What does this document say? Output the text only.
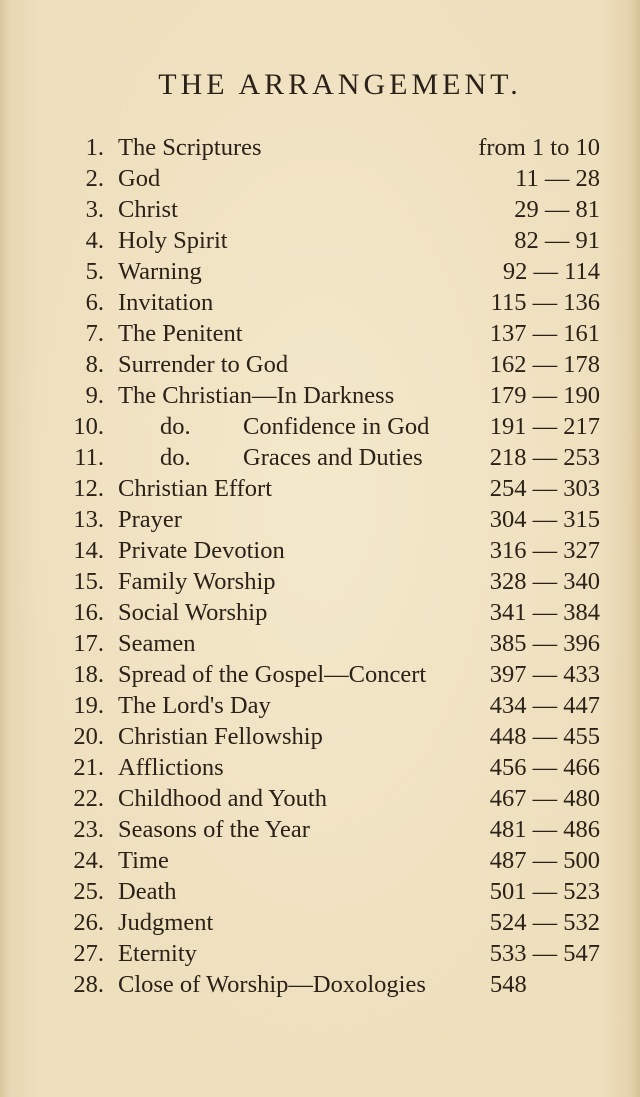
THE ARRANGEMENT.
1. The Scriptures	from 1 to 10
2. God	11 — 28
3. Christ	29 — 81
4. Holy Spirit	82 — 91
5. Warning	92 — 114
6. Invitation	115 — 136
7. The Penitent	137 — 161
8. Surrender to God	162 — 178
9. The Christian—In Darkness	179 — 190
10. do. Confidence in God 191 — 217
11. do. Graces and Duties	218 — 253
12. Christian Effort	254 — 303
13. Prayer	304 — 315
14. Private Devotion	316 — 327
15. Family Worship	328 — 340
16. Social Worship	341 — 384
17. Seamen	385 — 396
18. Spread of the Gospel—Concert	397 — 433
19. The Lord's Day	434 — 447
20. Christian Fellowship	448 — 455
21. Afflictions	456 — 466
22. Childhood and Youth	467 — 480
23. Seasons of the Year	481 — 486
24. Time	487 — 500
25. Death	501 — 523
26. Judgment	524 — 532
27. Eternity	533 — 547
28. Close of Worship—Doxologies	548
